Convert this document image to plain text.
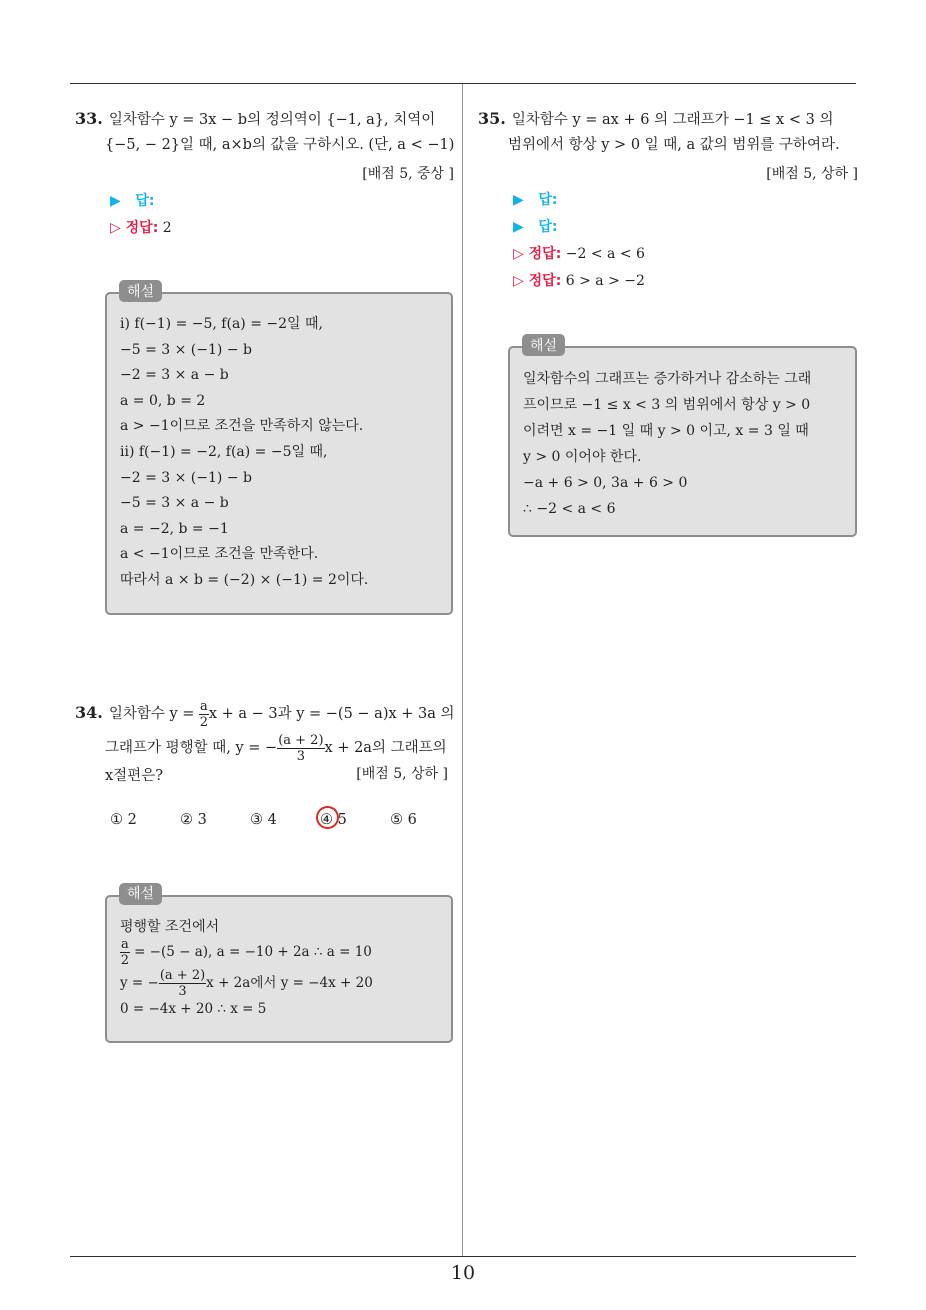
10
33. 일차함수 y = 3x − b의 정의역이 {−1, a}, 치역이
{−5, − 2}일 때, a×b의 값을 구하시오. (단, a < −1)
[배점 5, 중상 ]
▶   답:
▷ 정답: 2
해설
ⅰ) f(−1) = −5, f(a) = −2일 때,
−5 = 3 × (−1) − b
−2 = 3 × a − b
a = 0, b = 2
a > −1이므로 조건을 만족하지 않는다.
ⅱ) f(−1) = −2, f(a) = −5일 때,
−2 = 3 × (−1) − b
−5 = 3 × a − b
a = −2, b = −1
a < −1이므로 조건을 만족한다.
따라서 a × b = (−2) × (−1) = 2이다.
34. 일차함수 $y = \frac{a}{2}$ x + a − 3과 y = −(5 − a)x + 3a 의
그래프가 평행할 때, y = − $\frac{(a + 2)}{3}$ x + 2a의 그래프의
x절편은?	[배점 5, 상하 ]
① 2	② 3	③ 4	④ 5	⑤ 6
해설
평행할 조건에서
$\frac{a}{2} = -(5 - a)$, a = −10 + 2a ∴ a = 10
y = − $\frac{(a + 2)}{3}$ x + 2a에서 y = −4x + 20
0 = −4x + 20 ∴ x = 5
35. 일차함수 y = ax + 6 의 그래프가 −1 ≤ x < 3 의
범위에서 항상 y > 0 일 때, a 값의 범위를 구하여라.
[배점 5, 상하 ]
▶   답:
▶   답:
▷ 정답: −2 < a < 6
▷ 정답: 6 > a > −2
해설
일차함수의 그래프는 증가하거나 감소하는 그래
프이므로 −1 ≤ x < 3 의 범위에서 항상 y > 0
이려면 x = −1 일 때 y > 0 이고, x = 3 일 때
y > 0 이어야 한다.
−a + 6 > 0, 3a + 6 > 0
∴ −2 < a < 6
